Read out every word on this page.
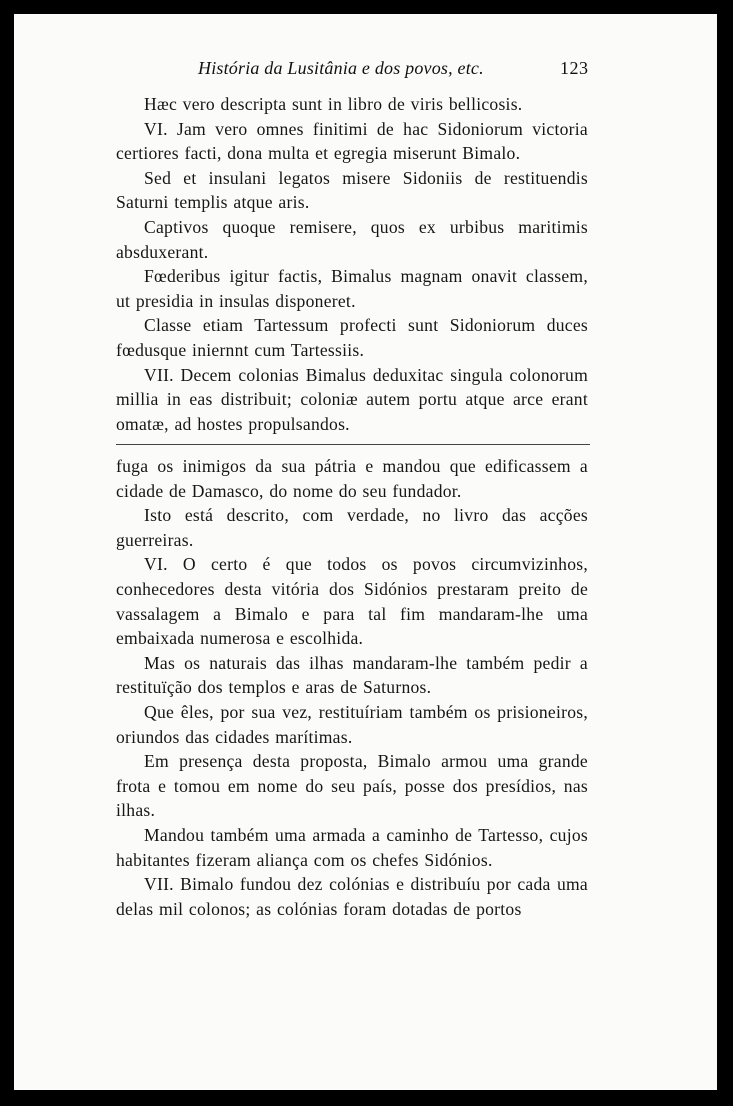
História da Lusitânia e dos povos, etc.	123

Hæc vero descripta sunt in libro de viris bellicosis.

VI. Jam vero omnes finitimi de hac Sidoniorum victoria certiores facti, dona multa et egregia miserunt Bimalo.

Sed et insulani legatos misere Sidoniis de restituendis Saturni templis atque aris.

Captivos quoque remisere, quos ex urbibus maritimis absduxerant.

Fœderibus igitur factis, Bimalus magnam onavit classem, ut presidia in insulas disponeret.

Classe etiam Tartessum profecti sunt Sidoniorum duces fœdusque iniernnt cum Tartessiis.

VII. Decem colonias Bimalus deduxitac singula colonorum millia in eas distribuit; coloniæ autem portu atque arce erant omatæ, ad hostes propulsandos.

fuga os inimigos da sua pátria e mandou que edificassem a cidade de Damasco, do nome do seu fundador.

Isto está descrito, com verdade, no livro das acções guerreiras.

VI. O certo é que todos os povos circumvizinhos, conhecedores desta vitória dos Sidónios prestaram preito de vassalagem a Bimalo e para tal fim mandaram-lhe uma embaixada numerosa e escolhida.

Mas os naturais das ilhas mandaram-lhe também pedir a restituïção dos templos e aras de Saturnos.

Que êles, por sua vez, restituíriam também os prisioneiros, oriundos das cidades marítimas.

Em presença desta proposta, Bimalo armou uma grande frota e tomou em nome do seu país, posse dos presídios, nas ilhas.

Mandou também uma armada a caminho de Tartesso, cujos habitantes fizeram aliança com os chefes Sidónios.

VII. Bimalo fundou dez colónias e distribuíu por cada uma delas mil colonos; as colónias foram dotadas de portos
